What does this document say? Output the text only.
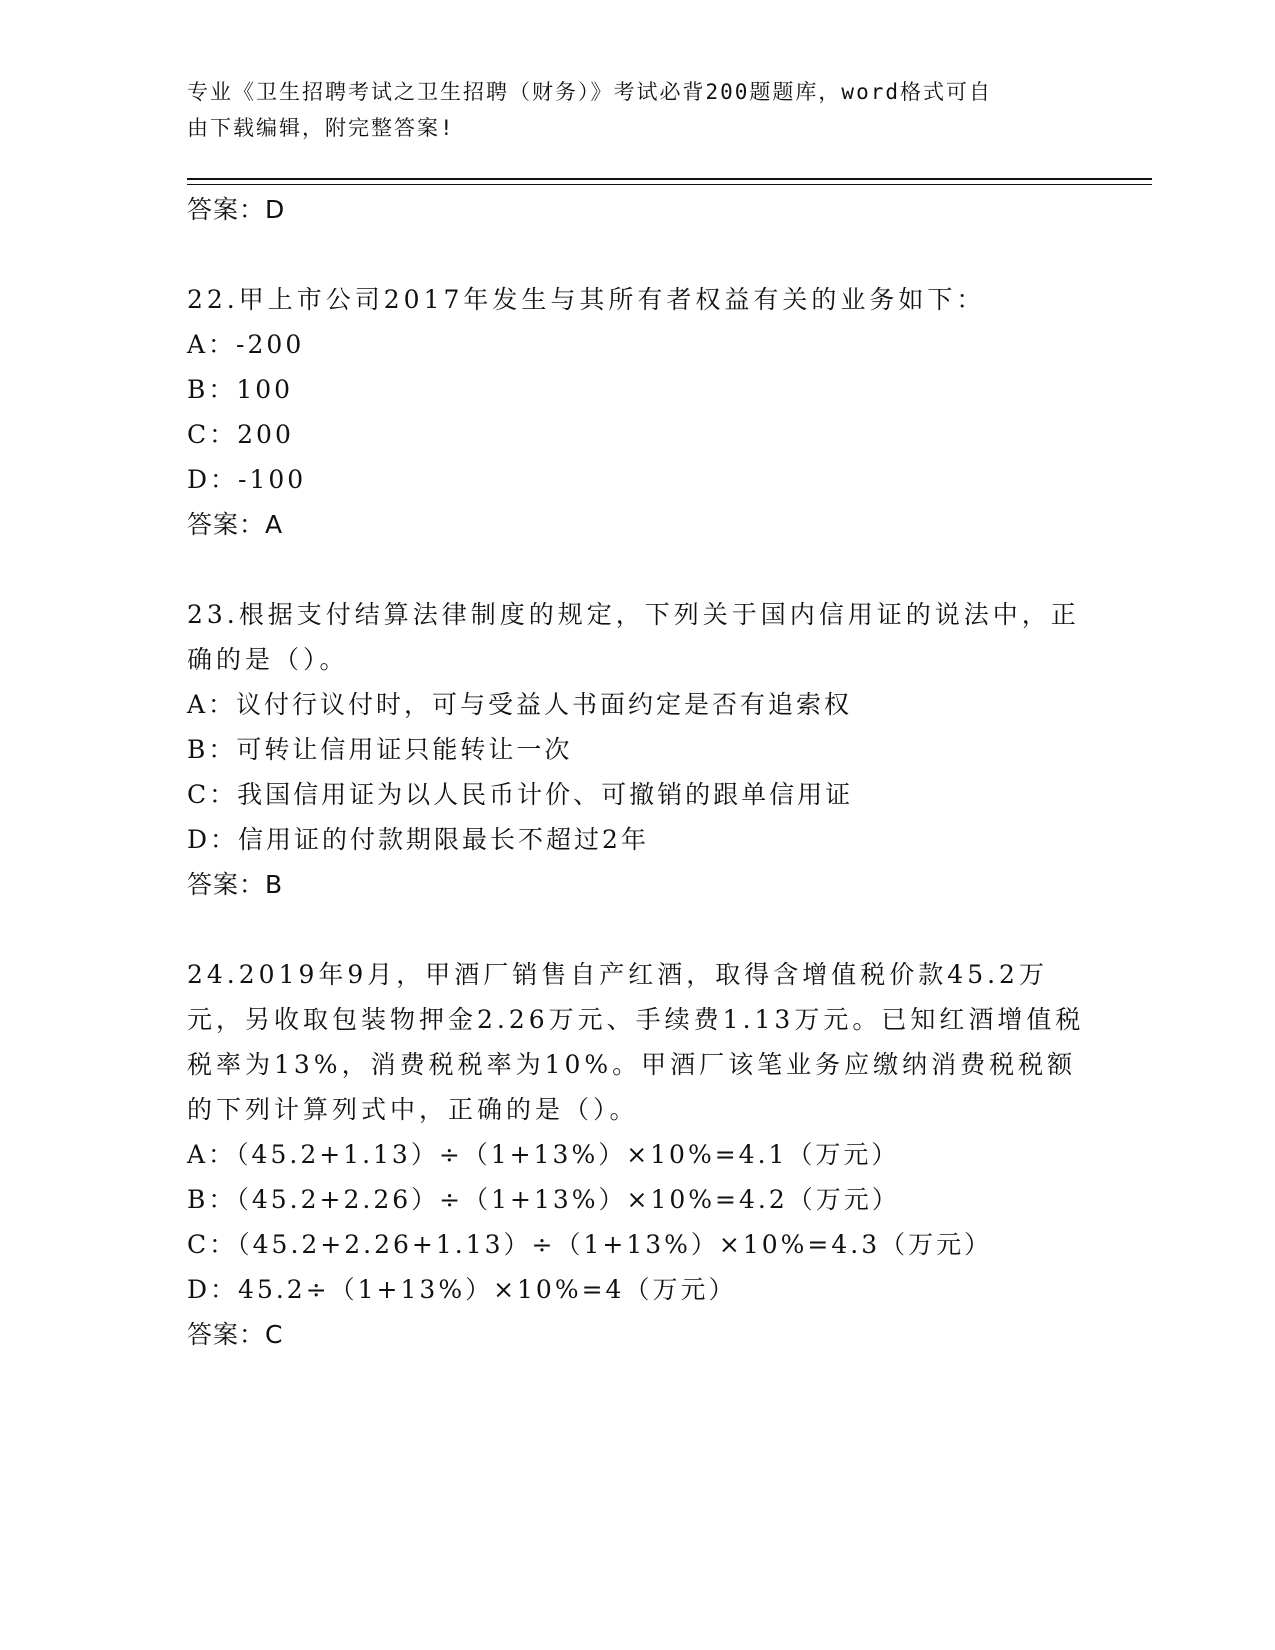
专业《卫生招聘考试之卫生招聘（财务）》考试必背200题题库，word格式可自
由下载编辑，附完整答案!
答案：D
22.甲上市公司2017年发生与其所有者权益有关的业务如下：
A：-200
B：100
C：200
D：-100
答案：A
23.根据支付结算法律制度的规定，下列关于国内信用证的说法中，正确的是（）。
A：议付行议付时，可与受益人书面约定是否有追索权
B：可转让信用证只能转让一次
C：我国信用证为以人民币计价、可撤销的跟单信用证
D：信用证的付款期限最长不超过2年
答案：B
24.2019年9月，甲酒厂销售自产红酒，取得含增值税价款45.2万元，另收取包装物押金2.26万元、手续费1.13万元。已知红酒增值税税率为13%，消费税税率为10%。甲酒厂该笔业务应缴纳消费税税额的下列计算列式中，正确的是（）。
A：（45.2+1.13）÷（1+13%）×10%=4.1（万元）
B：（45.2+2.26）÷（1+13%）×10%=4.2（万元）
C：（45.2+2.26+1.13）÷（1+13%）×10%=4.3（万元）
D：45.2÷（1+13%）×10%=4（万元）
答案：C
